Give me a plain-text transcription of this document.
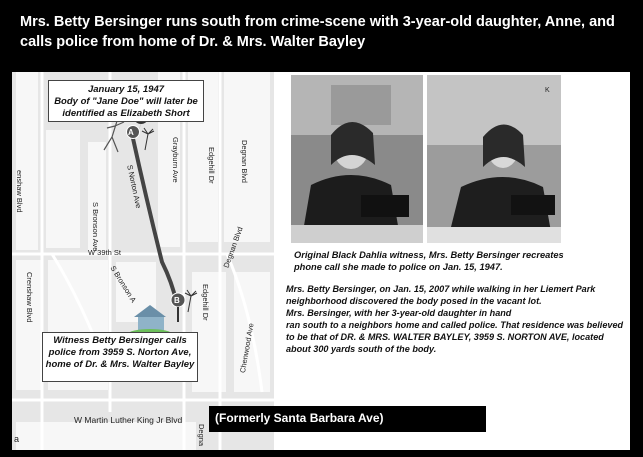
Mrs. Betty Bersinger runs south from crime-scene with 3-year-old daughter, Anne, and calls police from home of Dr. & Mrs. Walter Bayley
enshaw Blvd
S Bronson Ave
S Norton Ave
Grayburn Ave	Edgehill Dr	Degnan Blvd
W 39th St
Crenshaw Blvd	S Bronson A	Edgehill Dr
Degnan Blvd
Chenwood Ave
W Martin Luther King Jr Blvd
Degna
a
A
B
January 15, 1947
Body of "Jane Doe" will later be identified as Elizabeth Short
Witness Betty Bersinger calls police from 3959 S. Norton Ave, home of Dr. & Mrs. Walter Bayley
(Formerly Santa Barbara Ave)
K
Original Black Dahlia witness, Mrs. Betty Bersinger recreates phone call she made to police on Jan. 15, 1947.
Mrs. Betty Bersinger, on Jan. 15, 2007 while walking in her Liemert Park neighborhood discovered the body posed in the vacant lot.
Mrs. Bersinger, with her 3-year-old daughter in hand
ran south to a neighbors home and called police. That residence was believed to be that of DR. & MRS. WALTER BAYLEY, 3959 S. NORTON AVE, located about 300 yards south of the body.
